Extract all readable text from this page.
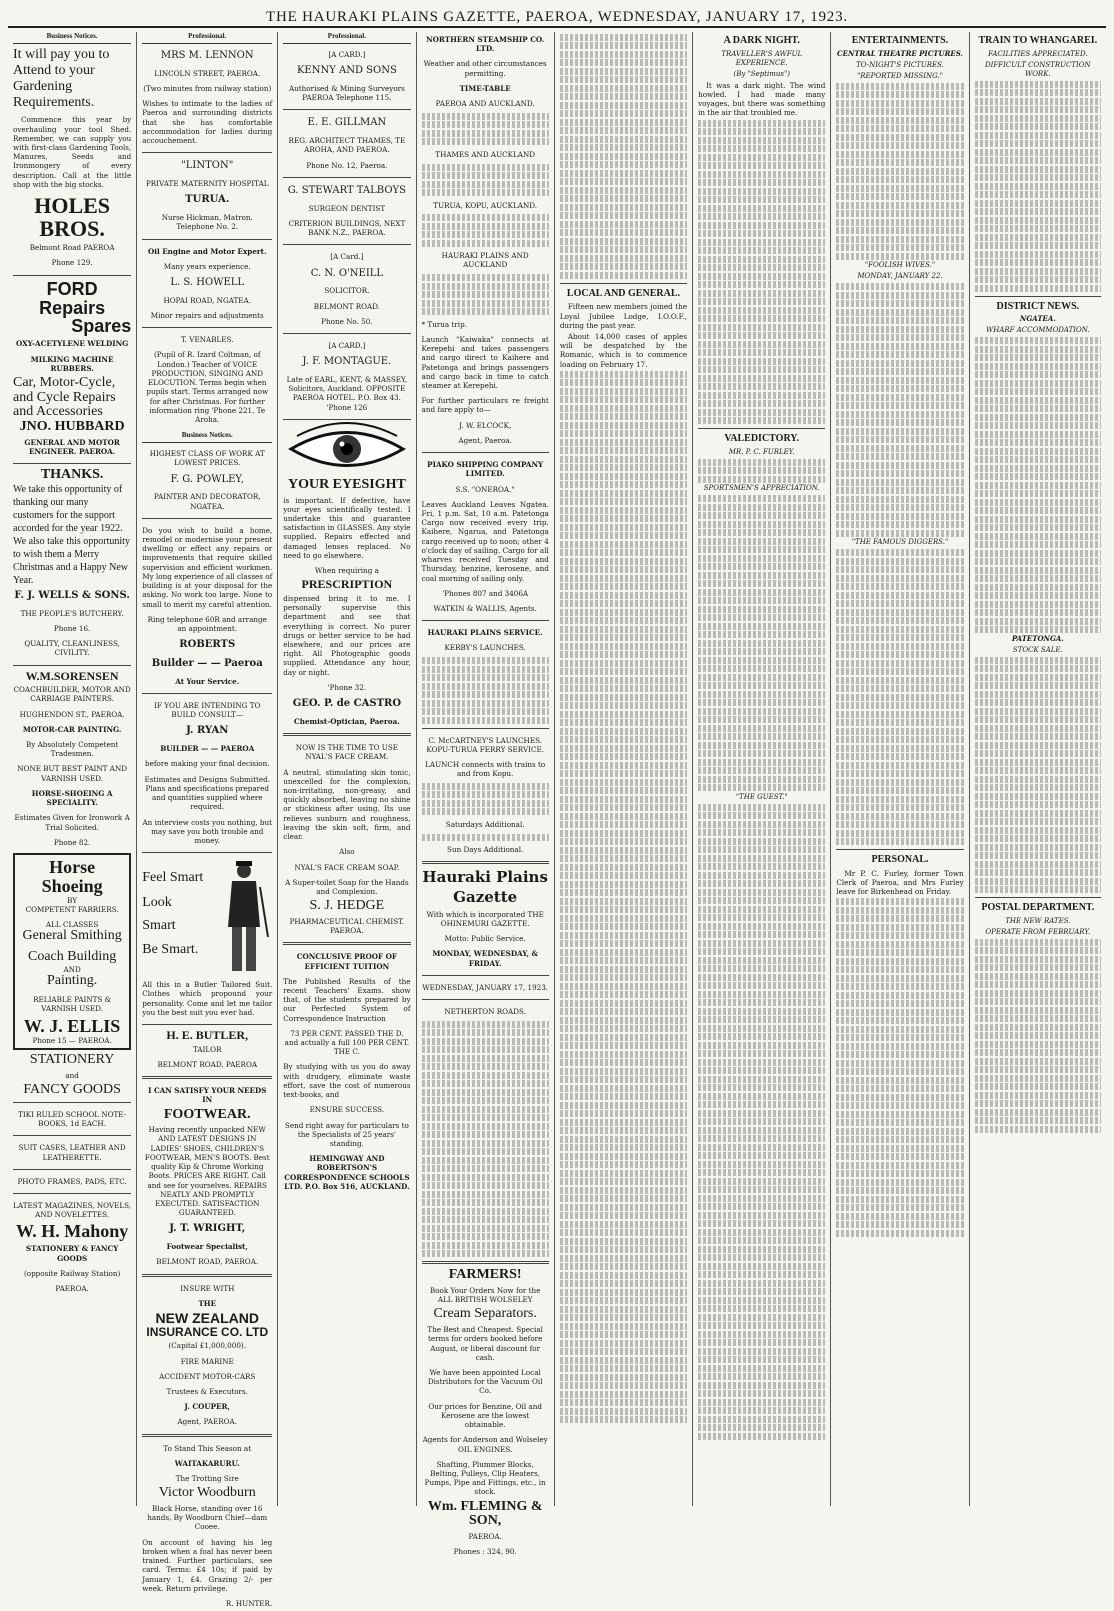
THE HAURAKI PLAINS GAZETTE, PAEROA, WEDNESDAY, JANUARY 17, 1923.
Business Notices.
It will pay you to Attend to your Gardening Requirements.

Commence this year by overhauling your tool Shed. Remember, we can supply you with first-class Gardening Tools, Manures, Seeds and Ironmongery of every description. Call at the little shop with the big stocks.

HOLES BROS.
Belmont Road PAEROA
Phone 129.
FORD Repairs
Spares
OXY-ACETYLENE WELDING
MILKING MACHINE RUBBERS.
Car, Motor-Cycle, and Cycle Repairs and Accessories
JNO. HUBBARD
GENERAL AND MOTOR ENGINEER. PAEROA.
THANKS.
We take this opportunity of thanking our many customers for the support accorded for the year 1922. We also take this opportunity to wish them a Merry Christmas and a Happy New Year.
F. J. WELLS & SONS.
THE PEOPLE'S BUTCHERY.
Phone 16.
QUALITY, CLEANLINESS, CIVILITY.
W.M.SORENSEN
COACHBUILDER, MOTOR AND CARRIAGE PAINTERS.
HUGHENDON ST., PAEROA.
MOTOR-CAR PAINTING.
By Absolutely Competent Tradesmen.
NONE BUT BEST PAINT AND VARNISH USED.
HORSE-SHOEING A SPECIALITY.
Estimates Given for Ironwork A Trial Solicited.
Phone 82.
Horse Shoeing
BY
COMPETENT FARRIERS.
ALL CLASSES
General Smithing
Coach Building
AND
Painting.
RELIABLE PAINTS & VARNISH USED.
W. J. ELLIS
Phone 15 — PAEROA.
STATIONERY
and
FANCY GOODS
TIKI RULED SCHOOL NOTE-BOOKS, 1d EACH.
SUIT CASES, LEATHER AND LEATHERETTE.
PHOTO FRAMES, PADS, ETC.
LATEST MAGAZINES, NOVELS, AND NOVELETTES.
W. H. Mahony
STATIONERY & FANCY GOODS
(opposite Railway Station)
PAEROA.
Professional.
MRS M. LENNON
LINCOLN STREET, PAEROA.
(Two minutes from railway station)
Wishes to intimate to the ladies of Paeroa and surrounding districts that she has comfortable accommodation for ladies during accouchement.
"LINTON"
PRIVATE MATERNITY HOSPITAL
TURUA.
Nurse Hickman, Matron. Telephone No. 2.
Oil Engine and Motor Expert.
Many years experience.
L. S. HOWELL
HOPAI ROAD, NGATEA.
Minor repairs and adjustments
T. VENABLES.
(Pupil of R. Izard Coltman, of London.) Teacher of VOICE PRODUCTION, SINGING AND ELOCUTION. Terms begin when pupils start. Terms arranged now for after Christmas. For further information ring 'Phone 221, Te Aroha.
Business Notices.
HIGHEST CLASS OF WORK AT LOWEST PRICES.
F. G. POWLEY,
PAINTER AND DECORATOR, NGATEA.
Do you wish to build a home, remodel or modernise your present dwelling or effect any repairs or improvements that require skilled supervision and efficient workmen. My long experience of all classes of building is at your disposal for the asking. No work too large. None to small to merit my careful attention.
Ring telephone 60R and arrange an appointment.
ROBERTS
Builder — — Paeroa
At Your Service.
IF YOU ARE INTENDING TO BUILD CONSULT—
J. RYAN
BUILDER — — PAEROA
before making your final decision.
Estimates and Designs Submitted. Plans and specifications prepared and quantities supplied where required.
An interview costs you nothing, but may save you both trouble and money.
Feel Smart
Look
Smart
Be Smart.
All this in a Butler Tailored Suit. Clothes which propound your personality. Come and let me tailor you the best suit you ever had.
H. E. BUTLER,
TAILOR
BELMONT ROAD, PAEROA
I CAN SATISFY YOUR NEEDS IN
FOOTWEAR.
Having recently unpacked NEW AND LATEST DESIGNS IN LADIES' SHOES, CHILDREN'S FOOTWEAR, MEN'S BOOTS. Best quality Kip & Chrome Working Boots. PRICES ARE RIGHT. Call and see for yourselves. REPAIRS NEATLY AND PROMPTLY EXECUTED. SATISFACTION GUARANTEED.
J. T. WRIGHT,
Footwear Specialist,
BELMONT ROAD, PAEROA.
INSURE WITH
THE
NEW ZEALAND
INSURANCE CO. LTD
(Capital £1,000,000).
FIRE MARINE
ACCIDENT MOTOR-CARS
Trustees & Executors.
J. COUPER,
Agent, PAEROA.
To Stand This Season at
WAITAKARURU.
The Trotting Sire
Victor Woodburn
Black Horse, standing over 16 hands, By Woodburn Chief—dam Cooee.
On account of having his leg broken when a foal has never been trained. Further particulars, see card. Terms: £4 10s; if paid by January 1, £4. Grazing 2/- per week. Return privilege.
R. HUNTER.
Professional.
[A CARD.]
KENNY AND SONS
Authorised & Mining Surveyors PAEROA Telephone 115.
E. E. GILLMAN
REG. ARCHITECT THAMES, TE AROHA, AND PAEROA.
Phone No. 12, Paeroa.
G. STEWART TALBOYS
SURGEON DENTIST
CRITERION BUILDINGS, NEXT BANK N.Z., PAEROA.
[A Card.]
C. N. O'NEILL
SOLICITOR.
BELMONT ROAD.
Phone No. 50.
[A CARD.]
J. F. MONTAGUE.
Late of EARL, KENT, & MASSEY, Solicitors, Auckland. OPPOSITE PAEROA HOTEL. P.O. Box 43. 'Phone 126
YOUR EYESIGHT
is important. If defective, have your eyes scientifically tested. I undertake this and guarantee satisfaction in GLASSES. Any style supplied. Repairs effected and damaged lenses replaced. No need to go elsewhere.
When requiring a
PRESCRIPTION
dispensed bring it to me. I personally supervise this department and see that everything is correct. No purer drugs or better service to be had elsewhere, and our prices are right. All Photographic goods supplied. Attendance any hour, day or night.
'Phone 32.
GEO. P. de CASTRO
Chemist-Optician, Paeroa.
NOW IS THE TIME TO USE NYAL'S FACE CREAM.
A neutral, stimulating skin tonic, unexcelled for the complexion, non-irritating, non-greasy, and quickly absorbed, leaving no shine or stickiness after using. Its use relieves sunburn and roughness, leaving the skin soft, firm, and clear.
Also
NYAL'S FACE CREAM SOAP.
A Super-toilet Soap for the Hands and Complexion.
S. J. HEDGE
PHARMACEUTICAL CHEMIST. PAEROA.
CONCLUSIVE PROOF OF EFFICIENT TUITION
The Published Results of the recent Teachers' Exams. show that, of the students prepared by our Perfected System of Correspondence Instruction
73 PER CENT. PASSED THE D. and actually a full 100 PER CENT. THE C.
By studying with us you do away with drudgery, eliminate waste effort, save the cost of numerous text-books, and
ENSURE SUCCESS.
Send right away for particulars to the Specialists of 25 years' standing.
HEMINGWAY AND ROBERTSON'S CORRESPONDENCE SCHOOLS LTD. P.O. Box 516, AUCKLAND.
NORTHERN STEAMSHIP CO. LTD.
Weather and other circumstances permitting.
TIME-TABLE
PAEROA AND AUCKLAND.
THAMES AND AUCKLAND
TURUA, KOPU, AUCKLAND.
HAURAKI PLAINS AND AUCKLAND
* Turua trip.
Launch "Kaiwaka" connects at Kerepehi and takes passengers and cargo direct to Kaihere and Patetonga and brings passengers and cargo back in time to catch steamer at Kerepehi.
For further particulars re freight and fare apply to—
J. W. ELCOCK,
Agent, Paeroa.
PIAKO SHIPPING COMPANY LIMITED.
S.S. "ONEROA."
Leaves Auckland Leaves Ngatea. Fri, 1 p.m. Sat, 10 a.m. Patetonga Cargo now received every trip. Kaihere, Ngarua, and Patetonga cargo received up to noon; other 4 o'clock day of sailing. Cargo for all wharves received Tuesday and Thursday, benzine, kerosene, and coal morning of sailing only.
'Phones 807 and 3406A
WATKIN & WALLIS, Agents.
HAURAKI PLAINS SERVICE.
KERBY'S LAUNCHES.
C. McCARTNEY'S LAUNCHES. KOPU-TURUA FERRY SERVICE.
LAUNCH connects with trains to and from Kopu.
Saturdays Additional.
Sun Days Additional.
Hauraki Plains Gazette
With which is incorporated THE OHINEMURI GAZETTE.
Motto: Public Service.
MONDAY, WEDNESDAY, & FRIDAY.
WEDNESDAY, JANUARY 17, 1923.
NETHERTON ROADS.
FARMERS!
Book Your Orders Now for the ALL BRITISH WOLSELEY
Cream Separators.
The Best and Cheapest. Special terms for orders booked before August, or liberal discount for cash.
We have been appointed Local Distributors for the Vacuum Oil Co.
Our prices for Benzine, Oil and Kerosene are the lowest obtainable.
Agents for Anderson and Wolseley OIL ENGINES.
Shafting, Plummer Blocks, Belting, Pulleys, Clip Heaters, Pumps, Pipe and Fittings, etc., in stock.
Wm. FLEMING & SON,
PAEROA.
Phones : 324, 90.
LOCAL AND GENERAL.

Fifteen new members joined the Loyal Jubilee Lodge, I.O.O.F., during the past year.

About 14,000 cases of apples will be despatched by the Romanic, which is to commence loading on February 17.

A DARK NIGHT.
TRAVELLER'S AWFUL EXPERIENCE.
(By "Septimus")

It was a dark night. The wind howled. I had made many voyages, but there was something in the air that troubled me.

VALEDICTORY.
MR. P. C. FURLEY.
SPORTSMEN'S APPRECIATION.
"THE GUEST."
ENTERTAINMENTS.
CENTRAL THEATRE PICTURES.
TO-NIGHT'S PICTURES.
"REPORTED MISSING."
"FOOLISH WIVES."
MONDAY, JANUARY 22.
"THE FAMOUS DIGGERS."
PERSONAL.

Mr P. C. Furley, former Town Clerk of Paeroa, and Mrs Furley leave for Birkenhead on Friday.

TRAIN TO WHANGAREI.
FACILITIES APPRECIATED.
DIFFICULT CONSTRUCTION WORK.
DISTRICT NEWS.
NGATEA.
WHARF ACCOMMODATION.
PATETONGA.
STOCK SALE.
POSTAL DEPARTMENT.
THE NEW RATES.
OPERATE FROM FEBRUARY.
